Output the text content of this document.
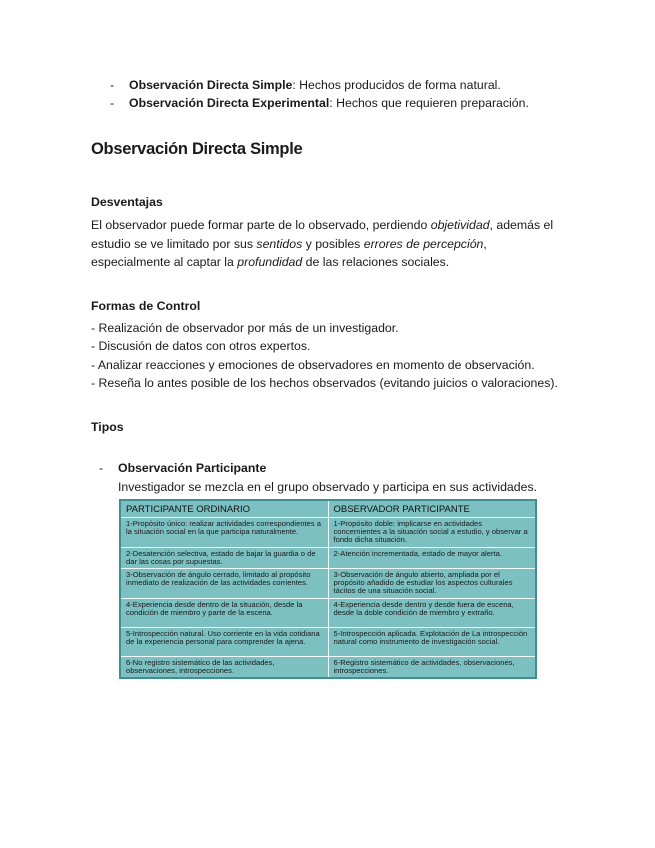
- Observación Directa Simple: Hechos producidos de forma natural.
- Observación Directa Experimental: Hechos que requieren preparación.
Observación Directa Simple
Desventajas
El observador puede formar parte de lo observado, perdiendo objetividad, además el
estudio se ve limitado por sus sentidos y posibles errores de percepción,
especialmente al captar la profundidad de las relaciones sociales.
Formas de Control
- Realización de observador por más de un investigador.
- Discusión de datos con otros expertos.
- Analizar reacciones y emociones de observadores en momento de observación.
- Reseña lo antes posible de los hechos observados (evitando juicios o valoraciones).
Tipos
- Observación Participante
Investigador se mezcla en el grupo observado y participa en sus actividades.
PARTICIPANTE ORDINARIO	OBSERVADOR PARTICIPANTE
1-Propósito único: realizar actividades correspondientes a la situación social en la que participa naturalmente.	1-Propósito doble: implicarse en actividades concernientes a la situación social a estudio, y observar a fondo dicha situación.
2-Desatención selectiva, estado de bajar la guardia o de dar las cosas por supuestas.	2-Atención incrementada, estado de mayor alerta.
3-Observación de ángulo cerrado, limitado al propósito inmediato de realización de las actividades corrientes.	3-Observación de ángulo abierto, ampliada por el propósito añadido de estudiar los aspectos culturales tácitos de una situación social.
4-Experiencia desde dentro de la situación, desde la condición de miembro y parte de la escena.	4-Experiencia desde dentro y desde fuera de escena, desde la doble condición de miembro y extraño.
5-Introspección natural. Uso corriente en la vida cotidiana de la experiencia personal para comprender la ajena.	5-Introspección aplicada. Explotación de La introspección natural como instrumento de investigación social.
6-No registro sistemático de las actividades, observaciones, introspecciones.	6-Registro sistemático de actividades, observaciones, introspecciones.
